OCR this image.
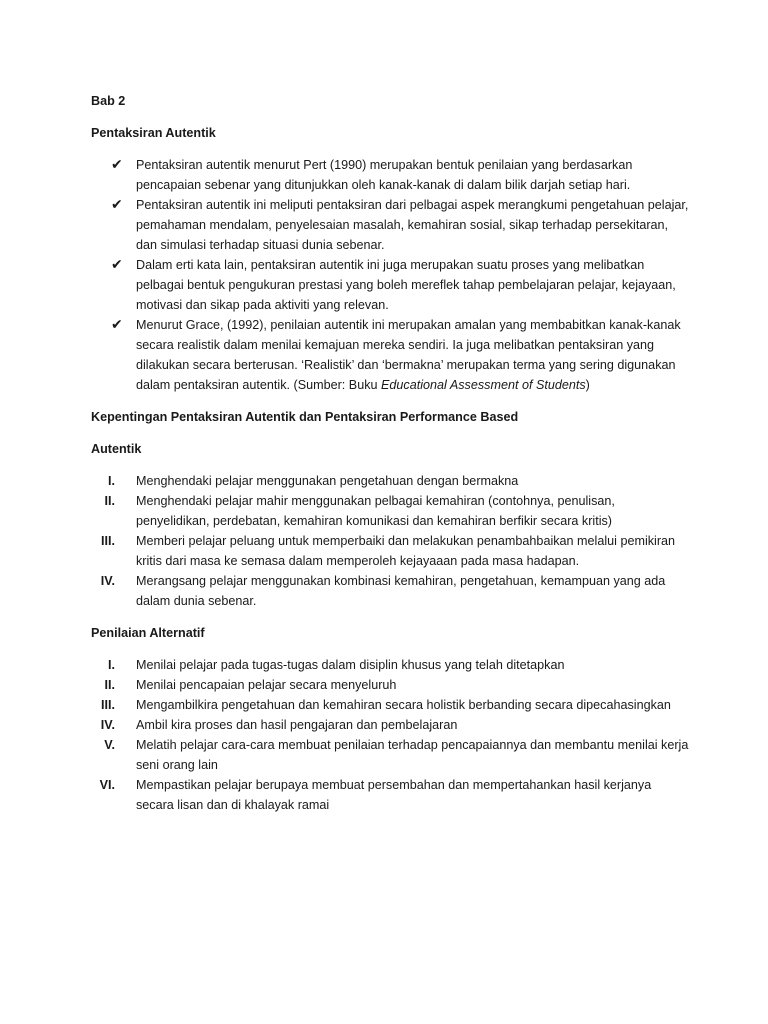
Bab 2

Pentaksiran Autentik

✔	Pentaksiran autentik menurut Pert (1990) merupakan bentuk penilaian yang berdasarkan pencapaian sebenar yang ditunjukkan oleh kanak-kanak di dalam bilik darjah setiap hari.
✔	Pentaksiran autentik ini meliputi pentaksiran dari pelbagai aspek merangkumi pengetahuan pelajar, pemahaman mendalam, penyelesaian masalah, kemahiran sosial, sikap terhadap persekitaran, dan simulasi terhadap situasi dunia sebenar.
✔	Dalam erti kata lain, pentaksiran autentik ini juga merupakan suatu proses yang melibatkan pelbagai bentuk pengukuran prestasi yang boleh mereflek tahap pembelajaran pelajar, kejayaan, motivasi dan sikap pada aktiviti yang relevan.
✔	Menurut Grace, (1992), penilaian autentik ini merupakan amalan yang membabitkan kanak-kanak secara realistik dalam menilai kemajuan mereka sendiri. Ia juga melibatkan pentaksiran yang dilakukan secara berterusan. ‘Realistik’ dan ‘bermakna’ merupakan terma yang sering digunakan dalam pentaksiran autentik. (Sumber: Buku Educational Assessment of Students)

Kepentingan Pentaksiran Autentik dan Pentaksiran Performance Based

Autentik

I. Menghendaki pelajar menggunakan pengetahuan dengan bermakna
II. Menghendaki pelajar mahir menggunakan pelbagai kemahiran (contohnya, penulisan, penyelidikan, perdebatan, kemahiran komunikasi dan kemahiran berfikir secara kritis)
III. Memberi pelajar peluang untuk memperbaiki dan melakukan penambahbaikan melalui pemikiran kritis dari masa ke semasa dalam memperoleh kejayaaan pada masa hadapan.
IV. Merangsang pelajar menggunakan kombinasi kemahiran, pengetahuan, kemampuan yang ada dalam dunia sebenar.

Penilaian Alternatif

I. Menilai pelajar pada tugas-tugas dalam disiplin khusus yang telah ditetapkan
II. Menilai pencapaian pelajar secara menyeluruh
III. Mengambilkira pengetahuan dan kemahiran secara holistik berbanding secara dipecahasingkan
IV. Ambil kira proses dan hasil pengajaran dan pembelajaran
V. Melatih pelajar cara-cara membuat penilaian terhadap pencapaiannya dan membantu menilai kerja seni orang lain
VI. Mempastikan pelajar berupaya membuat persembahan dan mempertahankan hasil kerjanya secara lisan dan di khalayak ramai
